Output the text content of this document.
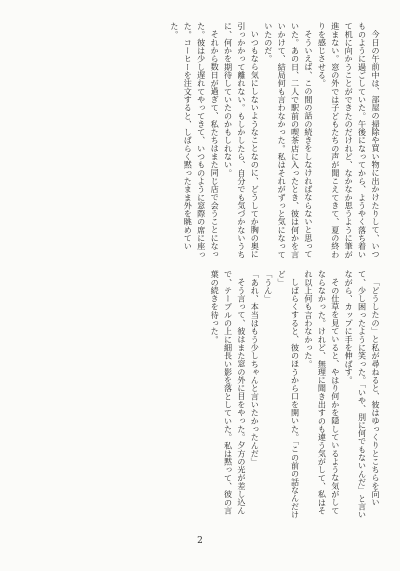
今日の午前中は、部屋の掃除や買い物に出かけたりして、いつものように過ごしていた。午後になってから、ようやく落ち着いて机に向かうことができたのだけれど、なかなか思うように筆が進まない。窓の外では子どもたちの声が聞こえてきて、夏の終わりを感じさせる。

そういえば、この間の話の続きをしなければならないと思っていた。あの日、二人で駅前の喫茶店に入ったとき、彼は何かを言いかけて、結局何も言わなかった。私はそれがずっと気になっていたのだ。

いつもなら気にしないようなことなのに、どうしてか胸の奥に引っかかって離れない。もしかしたら、自分でも気づかないうちに、何かを期待していたのかもしれない。

それから数日が過ぎて、私たちはまた同じ店で会うことになった。彼は少し遅れてやってきて、いつものように窓際の席に座った。コーヒーを注文すると、しばらく黙ったまま外を眺めていた。

「どうしたの」と私が尋ねると、彼はゆっくりとこちらを向いて、少し困ったように笑った。「いや、別に何でもないんだ」と言いながら、カップに手を伸ばす。

その仕草を見ていると、やはり何かを隠しているような気がしてならなかった。けれど、無理に聞き出すのも違う気がして、私はそれ以上何も言わなかった。

しばらくすると、彼のほうから口を開いた。「この前の話なんだけど」

「うん」

「あれ、本当はもう少しちゃんと言いたかったんだ」

そう言って、彼はまた窓の外に目をやった。夕方の光が差し込んで、テーブルの上に細長い影を落としていた。私は黙って、彼の言葉の続きを待った。

2
